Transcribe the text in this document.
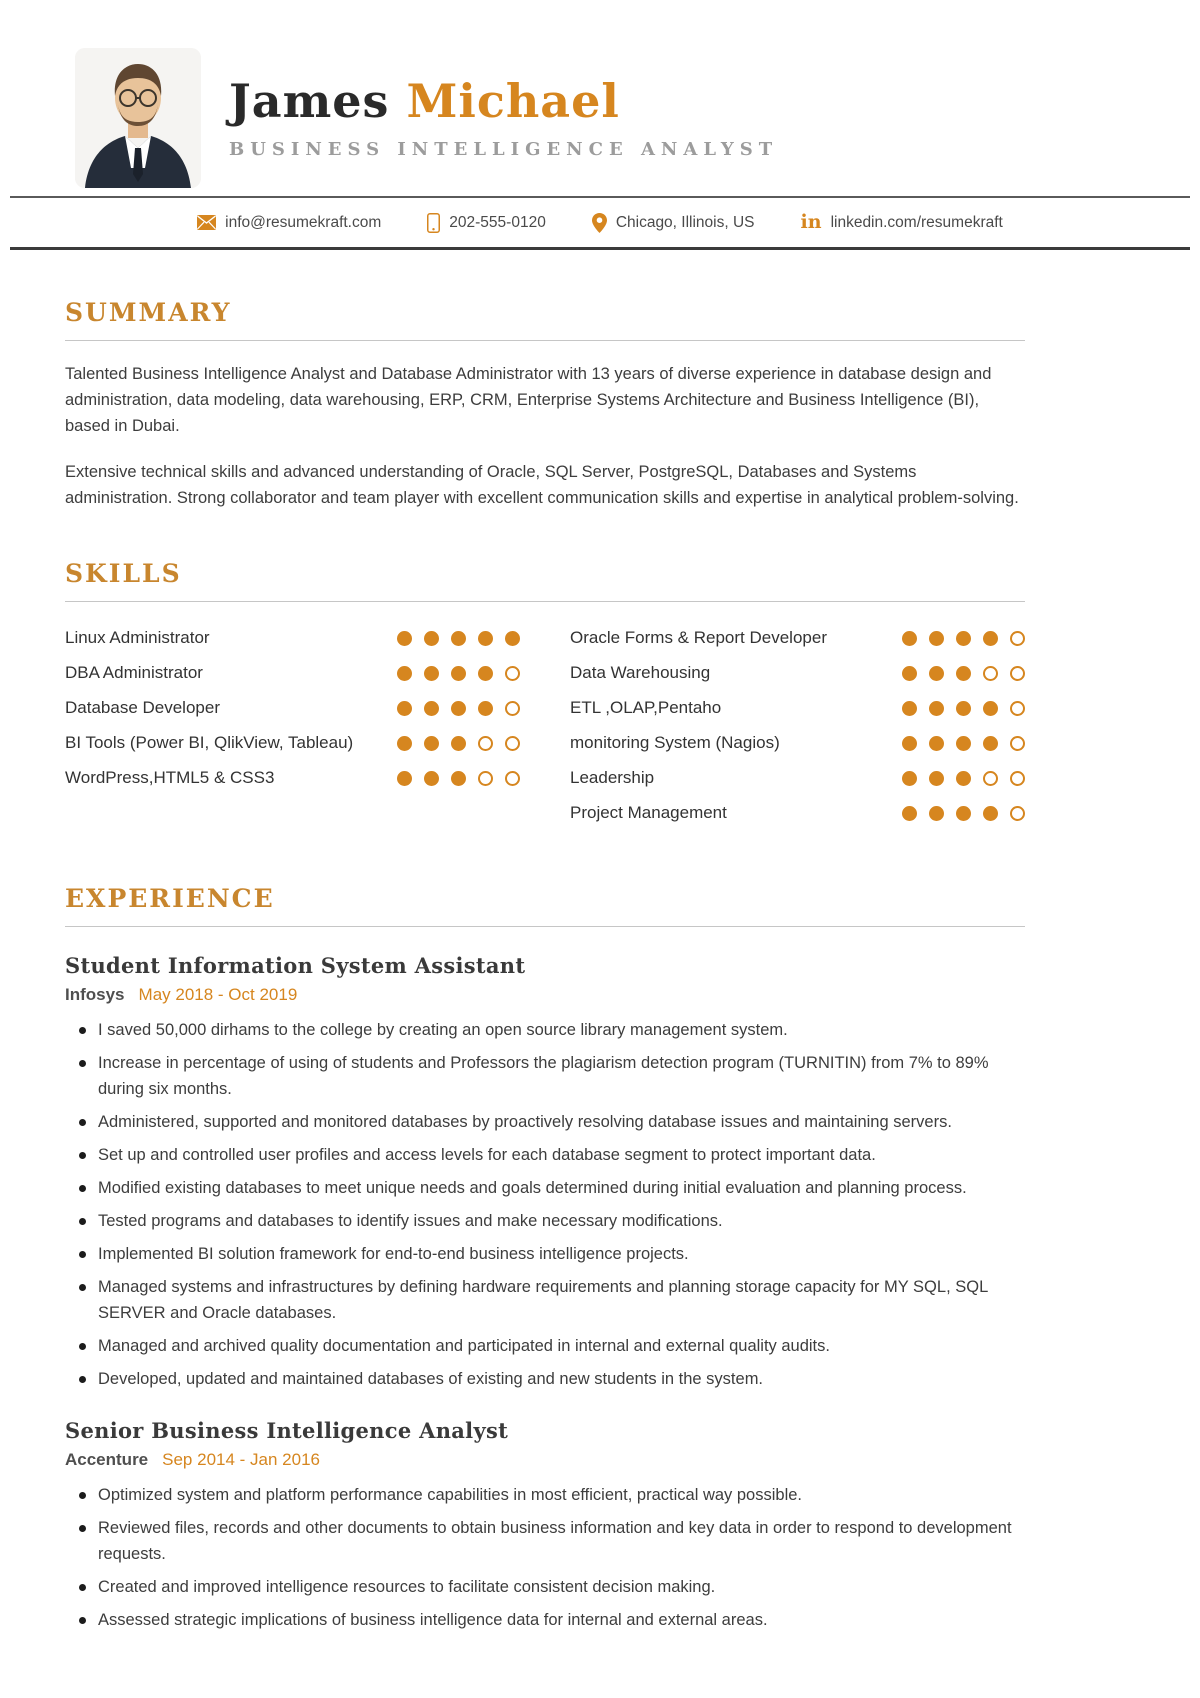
James Michael
BUSINESS INTELLIGENCE ANALYST
info@resumekraft.com	202-555-0120	Chicago, Illinois, US in linkedin.com/resumekraft
SUMMARY

Talented Business Intelligence Analyst and Database Administrator with 13 years of diverse experience in database design and administration, data modeling, data warehousing, ERP, CRM, Enterprise Systems Architecture and Business Intelligence (BI), based in Dubai.

Extensive technical skills and advanced understanding of Oracle, SQL Server, PostgreSQL, Databases and Systems administration. Strong collaborator and team player with excellent communication skills and expertise in analytical problem-solving.

SKILLS
Linux Administrator
DBA Administrator
Database Developer
BI Tools (Power BI, QlikView, Tableau)
WordPress,HTML5 & CSS3
Oracle Forms & Report Developer
Data Warehousing
ETL ,OLAP,Pentaho
monitoring System (Nagios)
Leadership
Project Management
EXPERIENCE
Student Information System Assistant
Infosys May 2018 - Oct 2019
I saved 50,000 dirhams to the college by creating an open source library management system.
Increase in percentage of using of students and Professors the plagiarism detection program (TURNITIN) from 7% to 89% during six months.
Administered, supported and monitored databases by proactively resolving database issues and maintaining servers.
Set up and controlled user profiles and access levels for each database segment to protect important data.
Modified existing databases to meet unique needs and goals determined during initial evaluation and planning process.
Tested programs and databases to identify issues and make necessary modifications.
Implemented BI solution framework for end-to-end business intelligence projects.
Managed systems and infrastructures by defining hardware requirements and planning storage capacity for MY SQL, SQL SERVER and Oracle databases.
Managed and archived quality documentation and participated in internal and external quality audits.
Developed, updated and maintained databases of existing and new students in the system.
Senior Business Intelligence Analyst
Accenture Sep 2014 - Jan 2016
Optimized system and platform performance capabilities in most efficient, practical way possible.
Reviewed files, records and other documents to obtain business information and key data in order to respond to development requests.
Created and improved intelligence resources to facilitate consistent decision making.
Assessed strategic implications of business intelligence data for internal and external areas.
